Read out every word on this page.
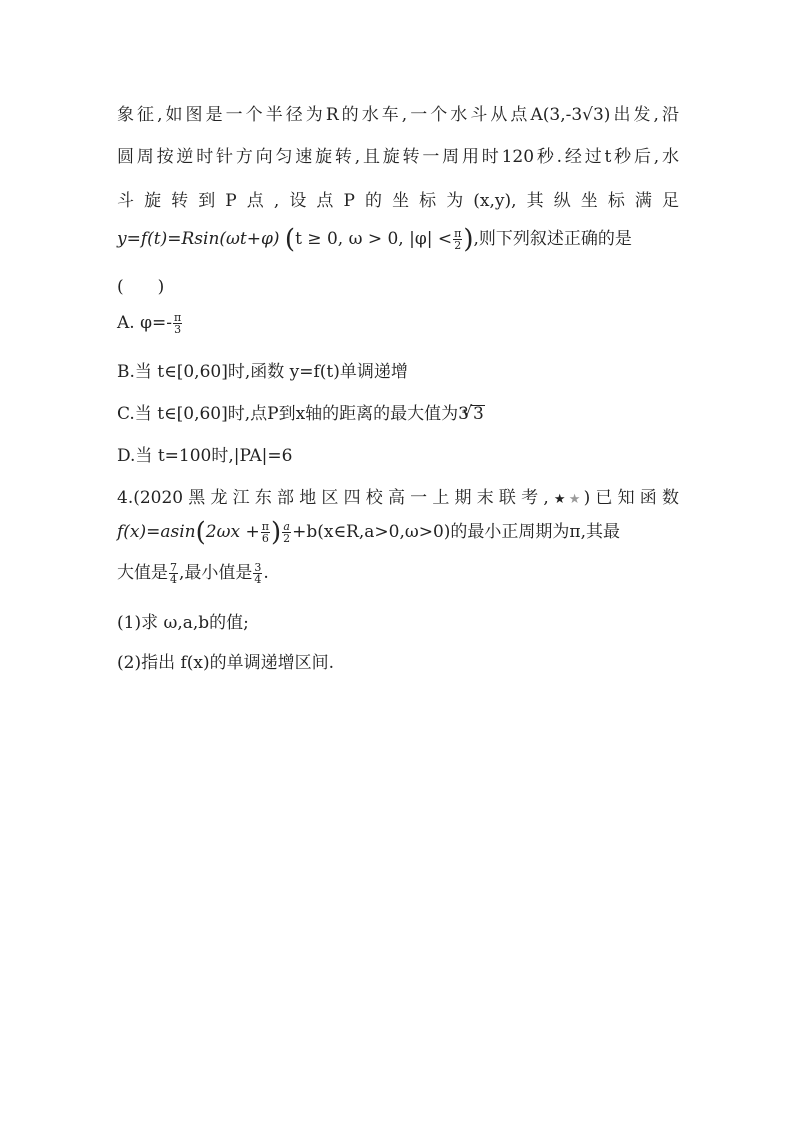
象征,如图是一个半径为R的水车,一个水斗从点A(3,-3√3)出发,沿
圆周按逆时针方向匀速旋转,且旋转一周用时120秒.经过t秒后,水
斗旋转到P点,设点P的坐标为(x,y),其纵坐标满足
y=f(t)=Rsin(ωt+φ) (t ≥ 0, ω > 0, $|\varphi| < \frac{\pi}{2}$ ),则下列叙述正确的是
(　　)
A. $\varphi=- \frac{\pi}{3}$
B.当 t∈[0,60]时,函数 y=f(t)单调递增
C.当 t∈[0,60]时,点P到x轴的距离的最大值为3√ 3
D.当 t=100时,|PA|=6
4.(2020黑龙江东部地区四校高一上期末联考,★★)已知函数
$f(x)=asin(2\omega x + \frac{\pi}{6}$ ) $\frac{a}{2}$ +b(x∈R,a>0,ω>0)的最小正周期为π,其最
大值是 $\frac{7}{4}$ ,最小值是 $\frac{3}{4}$ .
(1)求 ω,a,b的值;
(2)指出 f(x)的单调递增区间.
